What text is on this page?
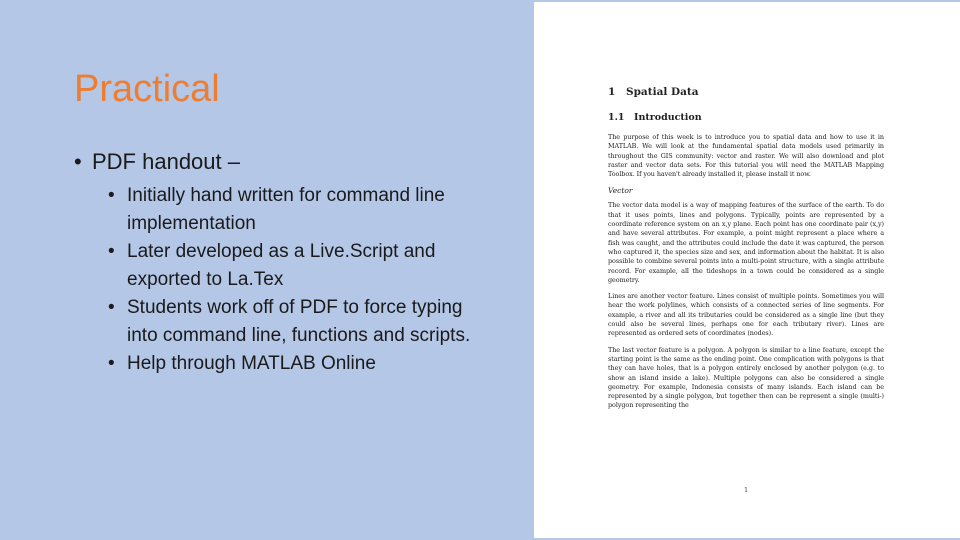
Practical
• PDF handout –
• Initially hand written for command line implementation
• Later developed as a Live.Script and exported to La.Tex
• Students work off of PDF to force typing into command line, functions and scripts.
• Help through MATLAB Online
1 Spatial Data
1.1 Introduction
The purpose of this week is to introduce you to spatial data and how to use it in MATLAB. We will look at the fundamental spatial data models used primarily in throughout the GIS community: vector and raster. We will also download and plot raster and vector data sets. For this tutorial you will need the MATLAB Mapping Toolbox. If you haven't already installed it, please install it now.
Vector
The vector data model is a way of mapping features of the surface of the earth. To do that it uses points, lines and polygons. Typically, points are represented by a coordinate reference system on an x,y plane. Each point has one coordinate pair (x,y) and have several attributes. For example, a point might represent a place where a fish was caught, and the attributes could include the date it was captured, the person who captured it, the species size and sex, and information about the habitat. It is also possible to combine several points into a multi-point structure, with a single attribute record. For example, all the tideshops in a town could be considered as a single geometry.
Lines are another vector feature. Lines consist of multiple points. Sometimes you will hear the work polylines, which consists of a connected series of line segments. For example, a river and all its tributaries could be considered as a single line (but they could also be several lines, perhaps one for each tributary river). Lines are represented as ordered sets of coordinates (nodes).
The last vector feature is a polygon. A polygon is similar to a line feature, except the starting point is the same as the ending point. One complication with polygons is that they can have holes, that is a polygon entirely enclosed by another polygon (e.g. to show an island inside a lake). Multiple polygons can also be considered a single geometry. For example, Indonesia consists of many islands. Each island can be represented by a single polygon, but together then can be represent a single (multi-) polygon representing the
1
